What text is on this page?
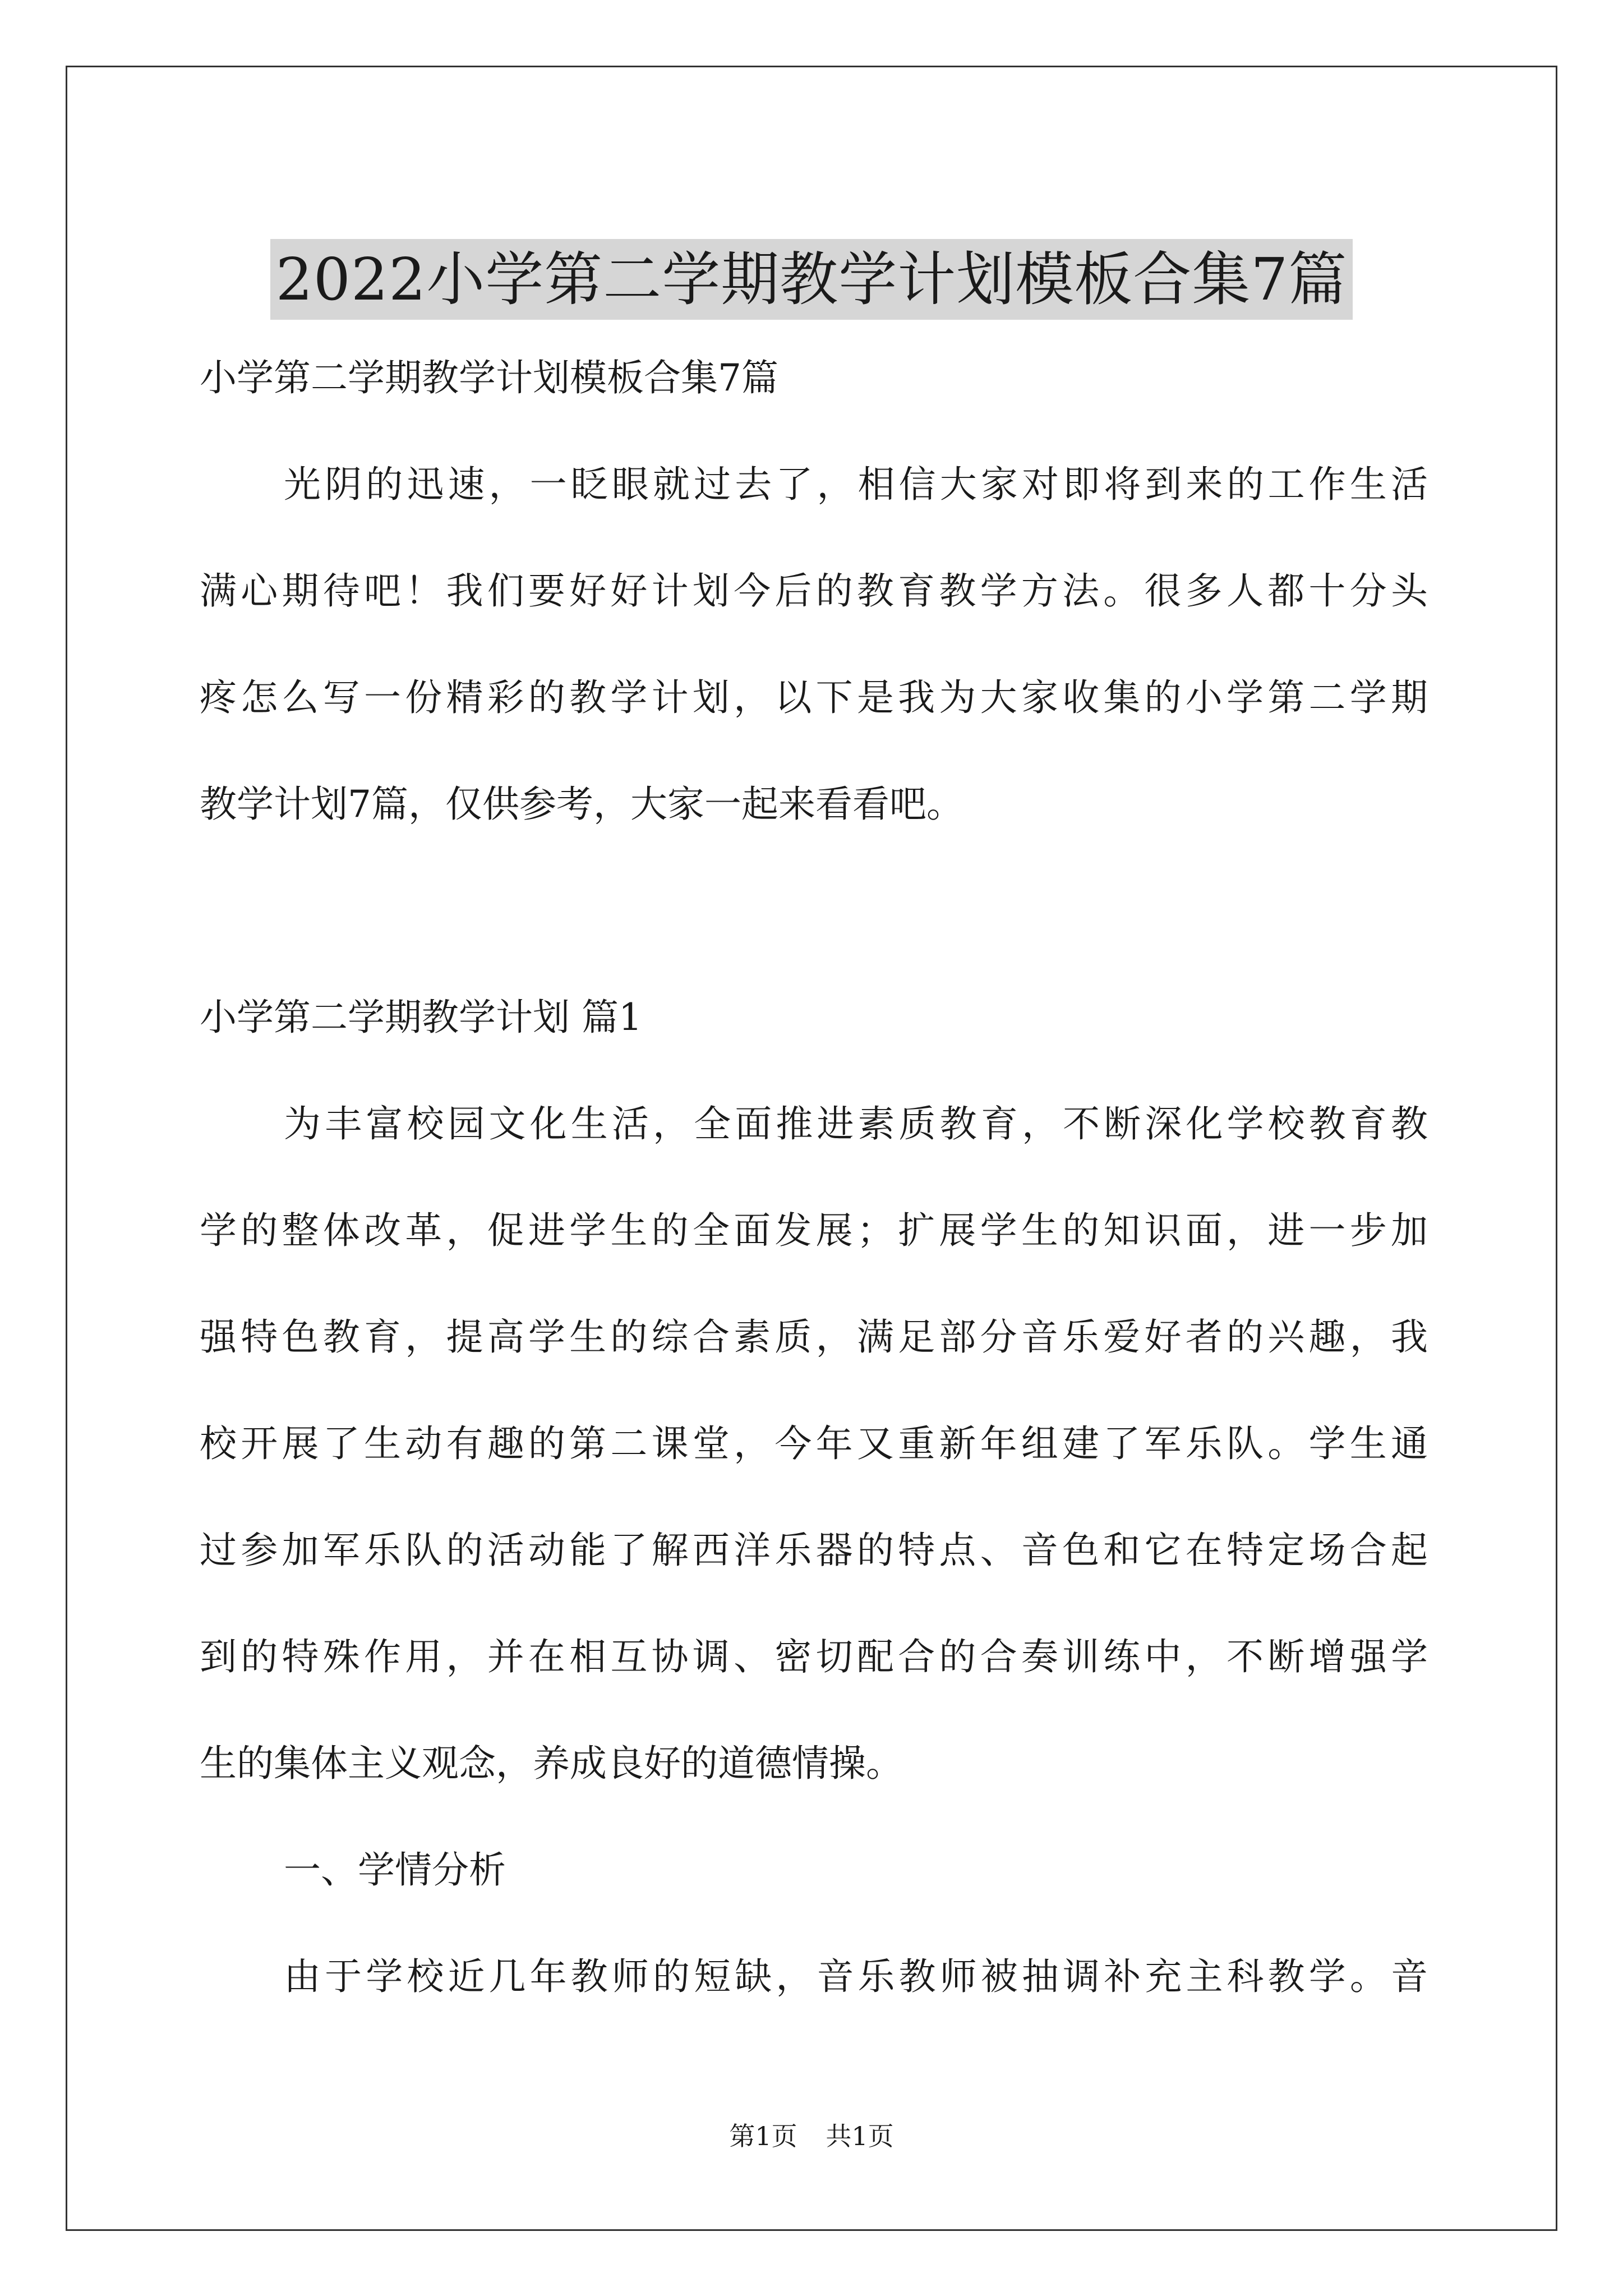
2022小学第二学期教学计划模板合集7篇
小学第二学期教学计划模板合集7篇
光阴的迅速，一眨眼就过去了，相信大家对即将到来的工作生活
满心期待吧！我们要好好计划今后的教育教学方法。很多人都十分头
疼怎么写一份精彩的教学计划，以下是我为大家收集的小学第二学期
教学计划7篇，仅供参考，大家一起来看看吧。
小学第二学期教学计划 篇1
为丰富校园文化生活，全面推进素质教育，不断深化学校教育教
学的整体改革，促进学生的全面发展；扩展学生的知识面，进一步加
强特色教育，提高学生的综合素质，满足部分音乐爱好者的兴趣，我
校开展了生动有趣的第二课堂，今年又重新年组建了军乐队。学生通
过参加军乐队的活动能了解西洋乐器的特点、音色和它在特定场合起
到的特殊作用，并在相互协调、密切配合的合奏训练中，不断增强学
生的集体主义观念，养成良好的道德情操。
一、学情分析
由于学校近几年教师的短缺，音乐教师被抽调补充主科教学。音
第1页 共1页
